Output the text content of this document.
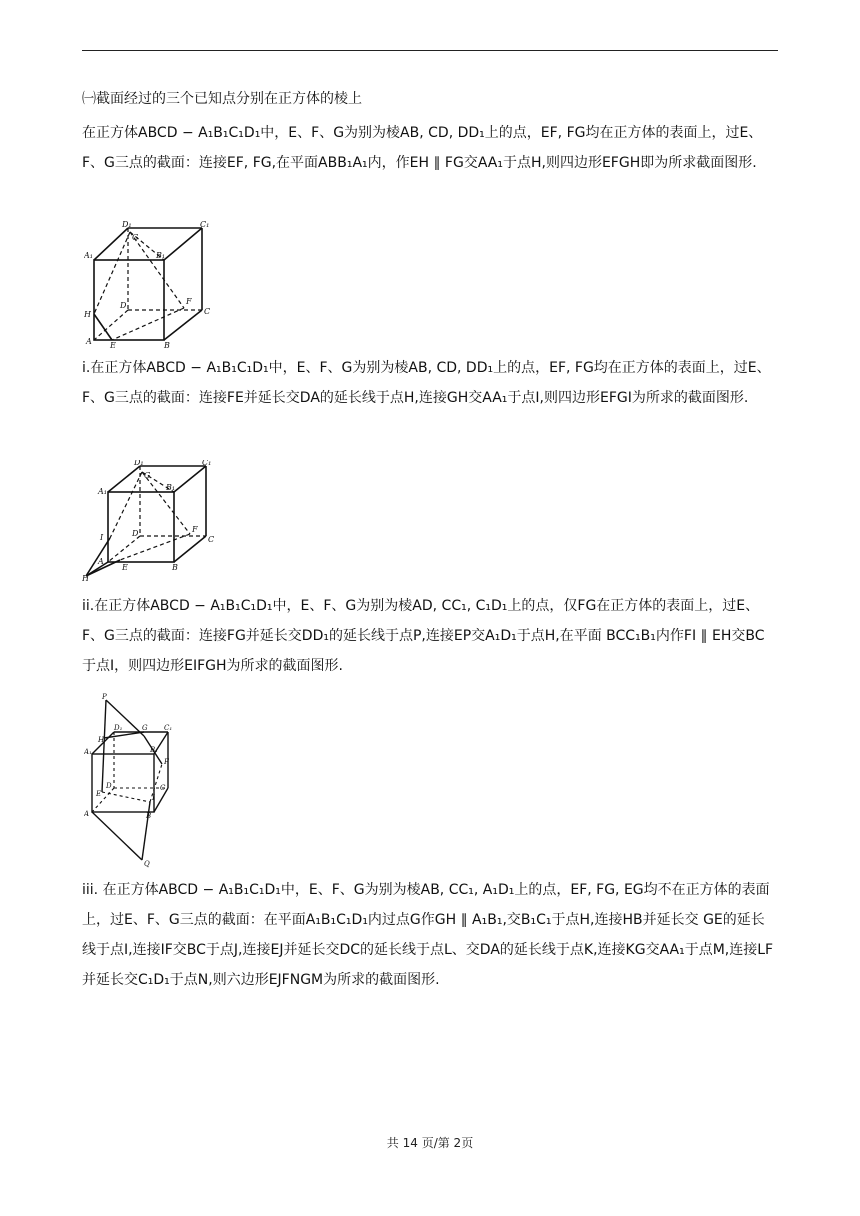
㈠截面经过的三个已知点分别在正方体的棱上

在正方体ABCD − A₁B₁C₁D₁中，E、F、G为别为棱AB, CD, DD₁上的点，EF, FG均在正方体的表面上，过E、F、G三点的截面：连接EF, FG,在平面ABB₁A₁内，作EH ∥ FG交AA₁于点H,则四边形EFGH即为所求截面图形.

D₁	C₁
G
A₁	B₁
D	F
C
H
A E	B

i.在正方体ABCD − A₁B₁C₁D₁中，E、F、G为别为棱AB, CD, DD₁上的点，EF, FG均在正方体的表面上，过E、F、G三点的截面：连接FE并延长交DA的延长线于点H,连接GH交AA₁于点I,则四边形EFGI为所求的截面图形.

D₁	C₁
G
A₁	B₁
D	F
C
I
A
E	B
H

ii.在正方体ABCD − A₁B₁C₁D₁中，E、F、G为别为棱AD, CC₁, C₁D₁上的点，仅FG在正方体的表面上，过E、F、G三点的截面：连接FG并延长交DD₁的延长线于点P,连接EP交A₁D₁于点H,在平面 BCC₁B₁内作FI ∥ EH交BC于点I，则四边形EIFGH为所求的截面图形.

P
D₁	G C₁
H
B₁
F
A₁
E
D	C
I
A	B
Q

iii. 在正方体ABCD − A₁B₁C₁D₁中，E、F、G为别为棱AB, CC₁, A₁D₁上的点，EF, FG, EG均不在正方体的表面上，过E、F、G三点的截面：在平面A₁B₁C₁D₁内过点G作GH ∥ A₁B₁,交B₁C₁于点H,连接HB并延长交 GE的延长线于点I,连接IF交BC于点J,连接EJ并延长交DC的延长线于点L、交DA的延长线于点K,连接KG交AA₁于点M,连接LF并延长交C₁D₁于点N,则六边形EJFNGM为所求的截面图形.

共 14 页/第 2页
